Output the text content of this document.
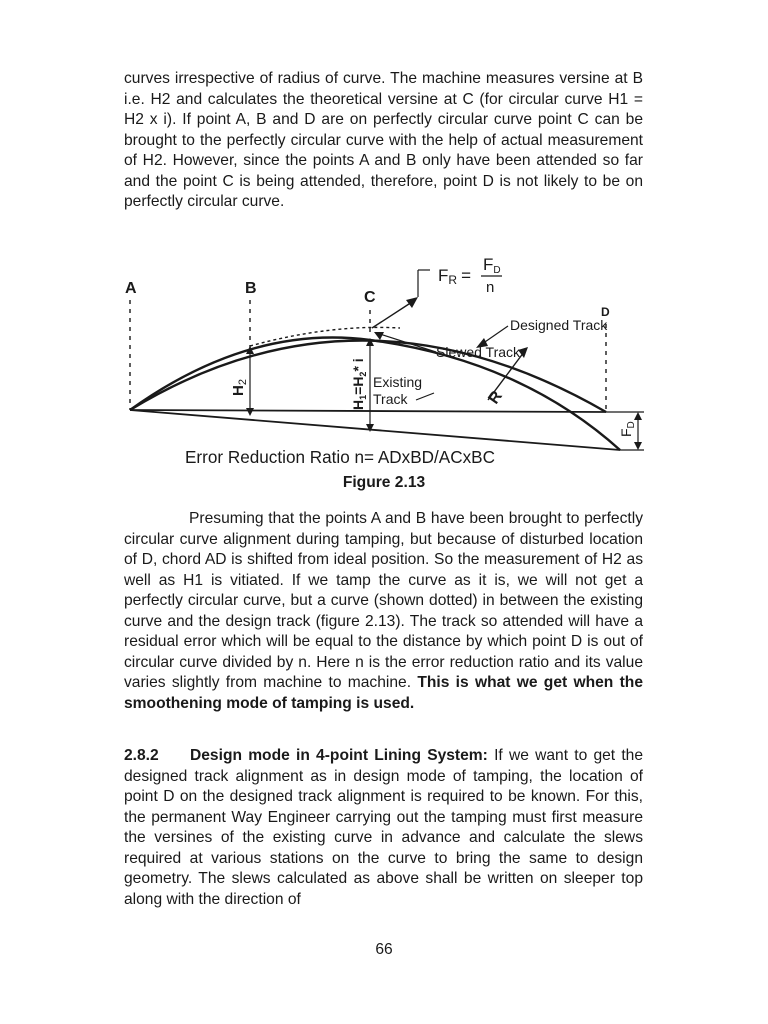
curves irrespective of radius of curve. The machine measures versine at B i.e. H2 and calculates the theoretical versine at C (for circular curve H1 = H2 x i). If point A, B and D are on perfectly circular curve point C can be brought to the perfectly circular curve with the help of actual measurement of H2. However, since the points A and B only have been attended so far and the point C is being attended, therefore, point D is not likely to be on perfectly circular curve.

A	B
C
D
$H_2$
$H_1=H_2*$ i
FR =
FD
n
Designed Track
Slewed Track
Existing
Track	R
$F_D$
Error Reduction Ratio n= ADxBD/ACxBC
Figure 2.13

Presuming that the points A and B have been brought to perfectly circular curve alignment during tamping, but because of disturbed location of D, chord AD is shifted from ideal position. So the measurement of H2 as well as H1 is vitiated. If we tamp the curve as it is, we will not get a perfectly circular curve, but a curve (shown dotted) in between the existing curve and the design track (figure 2.13). The track so attended will have a residual error which will be equal to the distance by which point D is out of circular curve divided by n. Here n is the error reduction ratio and its value varies slightly from machine to machine. This is what we get when the smoothening mode of tamping is used.

2.8.2 Design mode in 4-point Lining System: If we want to get the designed track alignment as in design mode of tamping, the location of point D on the designed track alignment is required to be known. For this, the permanent Way Engineer carrying out the tamping must first measure the versines of the existing curve in advance and calculate the slews required at various stations on the curve to bring the same to design geometry. The slews calculated as above shall be written on sleeper top along with the direction of

66
